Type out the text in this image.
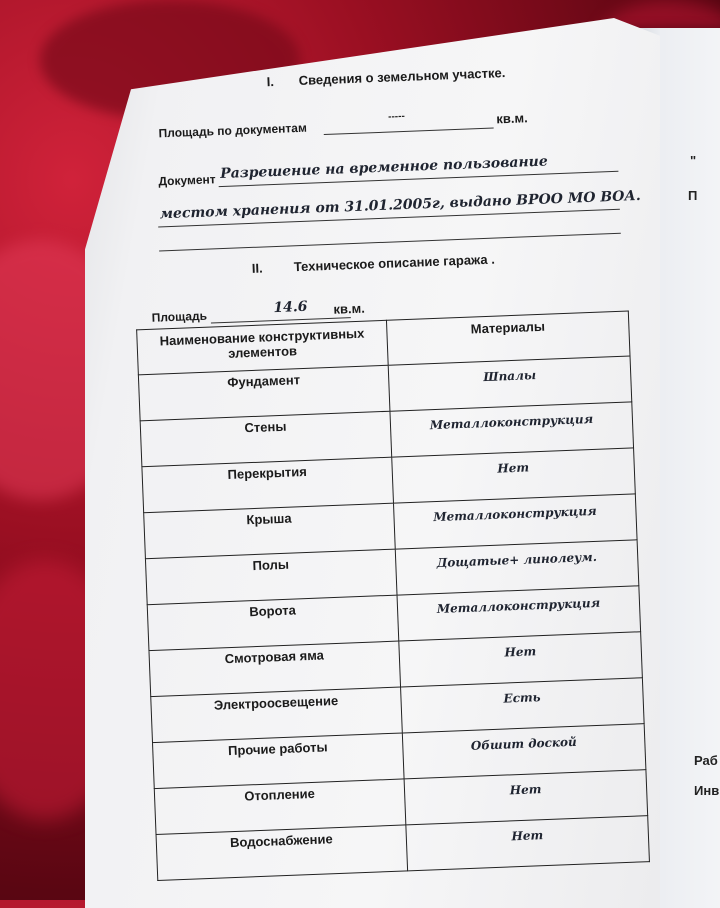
"
П
Раб
Инв
I. Сведения о земельном участке.
Площадь по документам
-----	кв.м.
Документ Разрешение на временное пользование
местом хранения от 31.01.2005г, выдано ВРОО МО ВОА.
II. Техническое описание гаража .
Площадь
14.6 кв.м.
Наименование конструктивных элементов	Материалы
Фундамент	Шпалы
Стены	Металлоконструкция
Перекрытия	Нет
Крыша	Металлоконструкция
Полы	Дощатые+ линолеум.
Ворота	Металлоконструкция
Смотровая яма	Нет
Электроосвещение	Есть
Прочие работы	Обшит доской
Отопление	Нет
Водоснабжение	Нет
